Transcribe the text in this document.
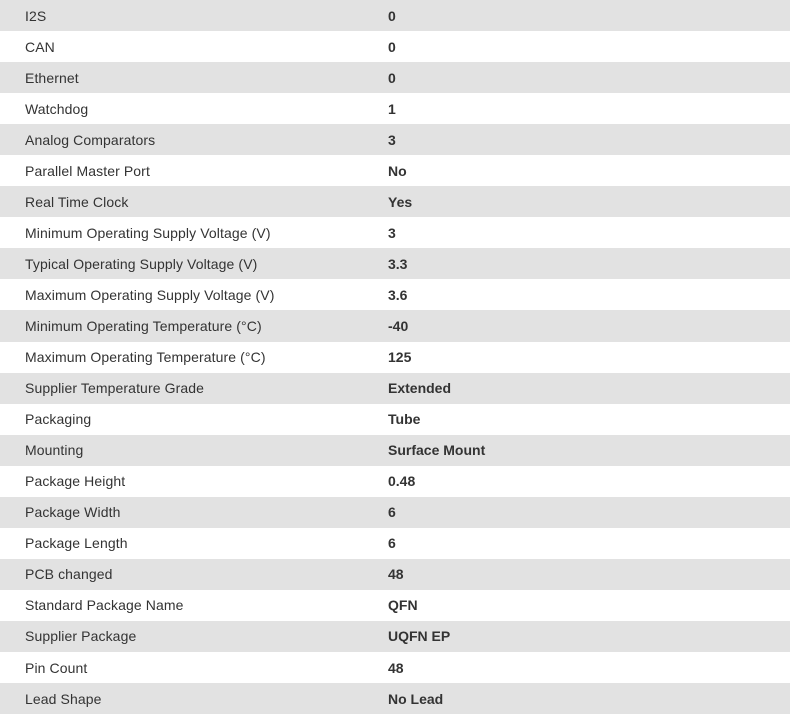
I2S	0
CAN	0
Ethernet	0
Watchdog	1
Analog Comparators	3
Parallel Master Port	No
Real Time Clock	Yes
Minimum Operating Supply Voltage (V)	3
Typical Operating Supply Voltage (V)	3.3
Maximum Operating Supply Voltage (V)	3.6
Minimum Operating Temperature (°C)	-40
Maximum Operating Temperature (°C)	125
Supplier Temperature Grade	Extended
Packaging	Tube
Mounting	Surface Mount
Package Height	0.48
Package Width	6
Package Length	6
PCB changed	48
Standard Package Name	QFN
Supplier Package	UQFN EP
Pin Count	48
Lead Shape	No Lead
